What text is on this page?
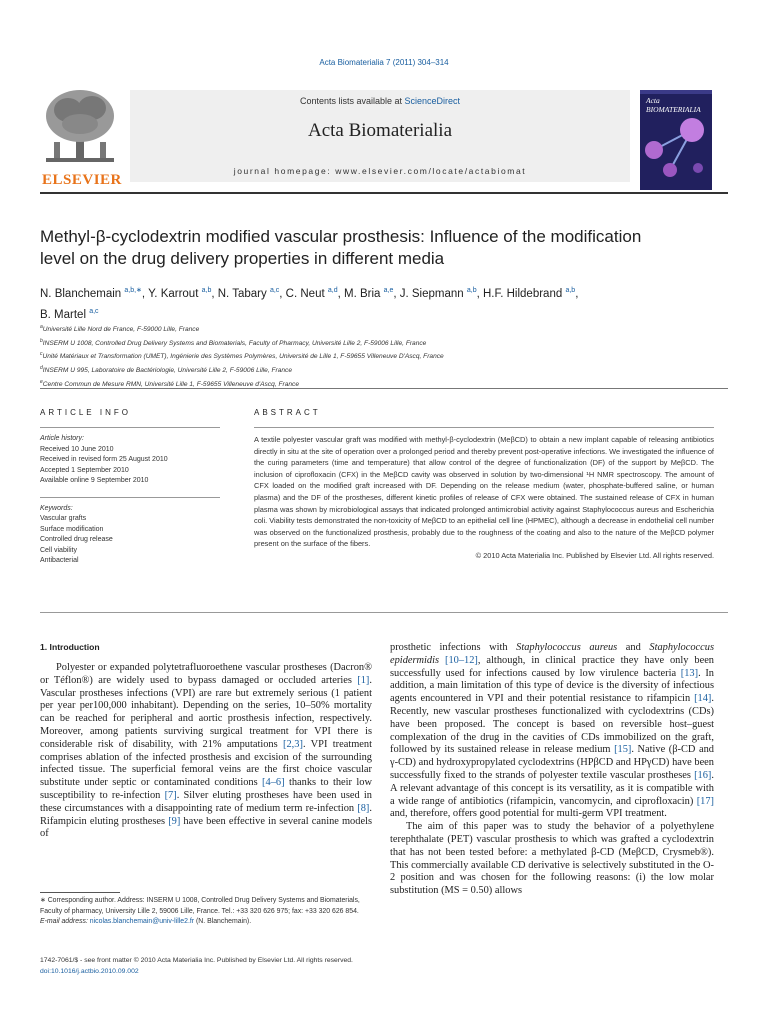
Acta Biomaterialia 7 (2011) 304–314
ELSEVIER
Contents lists available at ScienceDirect
Acta Biomaterialia
journal homepage: www.elsevier.com/locate/actabiomat
Acta BIOMATERIALIA
Methyl-β-cyclodextrin modified vascular prosthesis: Influence of the modification level on the drug delivery properties in different media
N. Blanchemain $^{a,b,∗}$, Y. Karrout $^{a,b}$, N. Tabary $^{a,c}$, C. Neut $^{a,d}$, M. Bria $^{a,e}$, J. Siepmann $^{a,b}$, H.F. Hildebrand $^{a,b}$,
B. Martel $^{a,c}$
$^a$Université Lille Nord de France, F-59000 Lille, France
$^b$INSERM U 1008, Controlled Drug Delivery Systems and Biomaterials, Faculty of Pharmacy, Université Lille 2, F-59006 Lille, France
$^c$Unité Matériaux et Transformation (UMET), Ingénierie des Systèmes Polymères, Université de Lille 1, F-59655 Villeneuve D'Ascq, France
$^d$INSERM U 995, Laboratoire de Bactériologie, Université Lille 2, F-59006 Lille, France
$^e$Centre Commun de Mesure RMN, Université Lille 1, F-59655 Villeneuve d'Ascq, France
ARTICLE INFO
Article history:
Received 10 June 2010
Received in revised form 25 August 2010
Accepted 1 September 2010
Available online 9 September 2010
Keywords:
Vascular grafts
Surface modification
Controlled drug release
Cell viability
Antibacterial
ABSTRACT
A textile polyester vascular graft was modified with methyl-β-cyclodextrin (MeβCD) to obtain a new implant capable of releasing antibiotics directly in situ at the site of operation over a prolonged period and thereby prevent post-operative infections. We investigated the influence of the curing parameters (time and temperature) that allow control of the degree of functionalization (DF) of the support by MeβCD. The inclusion of ciprofloxacin (CFX) in the MeβCD cavity was observed in solution by two-dimensional ¹H NMR spectroscopy. The amount of CFX loaded on the modified graft increased with DF. Depending on the release medium (water, phosphate-buffered saline, or human plasma) and the DF of the prostheses, different kinetic profiles of release of CFX were obtained. The sustained release of CFX in human plasma was shown by microbiological assays that indicated prolonged antimicrobial activity against Staphylococcus aureus and Escherichia coli. Viability tests demonstrated the non-toxicity of MeβCD to an epithelial cell line (HPMEC), although a decrease in endothelial cell number was observed on the functionalized prosthesis, probably due to the roughness of the coating and also to the nature of the MeβCD polymer present on the surface of the fibers.
© 2010 Acta Materialia Inc. Published by Elsevier Ltd. All rights reserved.
1. Introduction
Polyester or expanded polytetrafluoroethene vascular prostheses (Dacron® or Téflon®) are widely used to bypass damaged or occluded arteries [1]. Vascular prostheses infections (VPI) are rare but extremely serious (1 patient per year per100,000 inhabitant). Depending on the series, 10–50% mortality can be reached for peripheral and aortic prosthesis infection, respectively. Moreover, among patients surviving surgical treatment for VPI there is considerable risk of disability, with 21% amputations [2,3]. VPI treatment comprises ablation of the infected prosthesis and excision of the surrounding infected tissue. The superficial femoral veins are the first choice vascular substitute under septic or contaminated conditions [4–6] thanks to their low susceptibility to re-infection [7]. Silver eluting prostheses have been used in these circumstances with a disappointing rate of medium term re-infection [8]. Rifampicin eluting prostheses [9] have been effective in several canine models of
prosthetic infections with Staphylococcus aureus and Staphylococcus epidermidis [10–12], although, in clinical practice they have only been successfully used for infections caused by low virulence bacteria [13]. In addition, a main limitation of this type of device is the diversity of infectious agents encountered in VPI and their potential resistance to rifampicin [14]. Recently, new vascular prostheses functionalized with cyclodextrins (CDs) have been proposed. The concept is based on reversible host–guest complexation of the drug in the cavities of CDs immobilized on the graft, followed by its sustained release in release medium [15]. Native (β-CD and γ-CD) and hydroxypropylated cyclodextrins (HPβCD and HPγCD) have been successfully fixed to the strands of polyester textile vascular prostheses [16]. A relevant advantage of this concept is its versatility, as it is compatible with a wide range of antibiotics (rifampicin, vancomycin, and ciprofloxacin) [17] and, therefore, offers good potential for multi-germ VPI treatment.
The aim of this paper was to study the behavior of a polyethylene terephthalate (PET) vascular prosthesis to which was grafted a cyclodextrin that has not been tested before: a methylated β-CD (MeβCD, Crysmeb®). This commercially available CD derivative is selectively substituted in the O-2 position and was chosen for the following reasons: (i) the low molar substitution (MS = 0.50) allows
∗ Corresponding author. Address: INSERM U 1008, Controlled Drug Delivery Systems and Biomaterials, Faculty of pharmacy, University Lille 2, 59006 Lille, France. Tel.: +33 320 626 975; fax: +33 320 626 854.
E-mail address: nicolas.blanchemain@univ-lille2.fr (N. Blanchemain).
1742-7061/$ - see front matter © 2010 Acta Materialia Inc. Published by Elsevier Ltd. All rights reserved.
doi:10.1016/j.actbio.2010.09.002
